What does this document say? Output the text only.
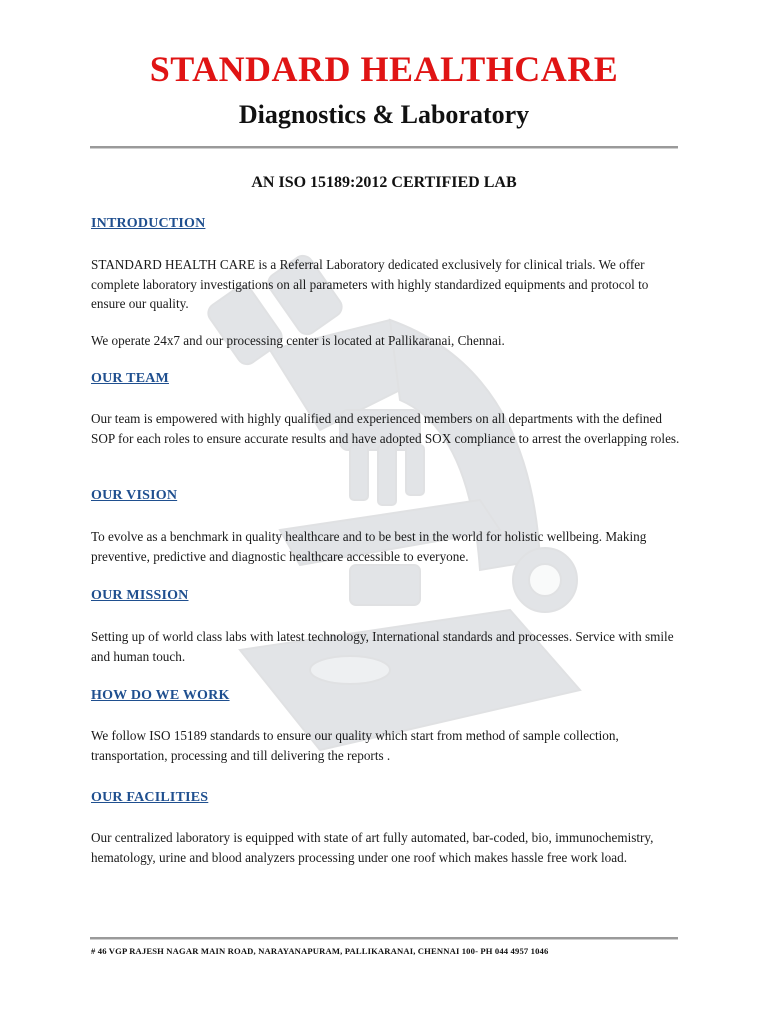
STANDARD HEALTHCARE
Diagnostics & Laboratory
AN ISO 15189:2012 CERTIFIED LAB
INTRODUCTION
STANDARD HEALTH CARE is a Referral Laboratory dedicated exclusively for clinical trials. We offer complete laboratory investigations on all parameters with highly standardized equipments and protocol to ensure our quality.
We operate 24x7 and our processing center is located at Pallikaranai, Chennai.
OUR TEAM
Our team is empowered with highly qualified and experienced members on all departments with the defined SOP for each roles to ensure accurate results and have adopted SOX compliance to arrest the overlapping roles.
OUR VISION
To evolve as a benchmark in quality healthcare and to be best in the world for holistic wellbeing. Making preventive, predictive and diagnostic healthcare accessible to everyone.
OUR MISSION
Setting up of world class labs with latest technology, International standards and processes. Service with smile and human touch.
HOW DO WE WORK
We follow ISO 15189 standards to ensure our quality which start from method of sample collection, transportation, processing and till delivering the reports .
OUR FACILITIES
Our centralized laboratory is equipped with state of art fully automated, bar-coded, bio, immunochemistry, hematology, urine and blood analyzers processing under one roof which makes hassle free work load.
# 46 VGP RAJESH NAGAR MAIN ROAD, NARAYANAPURAM, PALLIKARANAI, CHENNAI 100- PH 044 4957 1046
